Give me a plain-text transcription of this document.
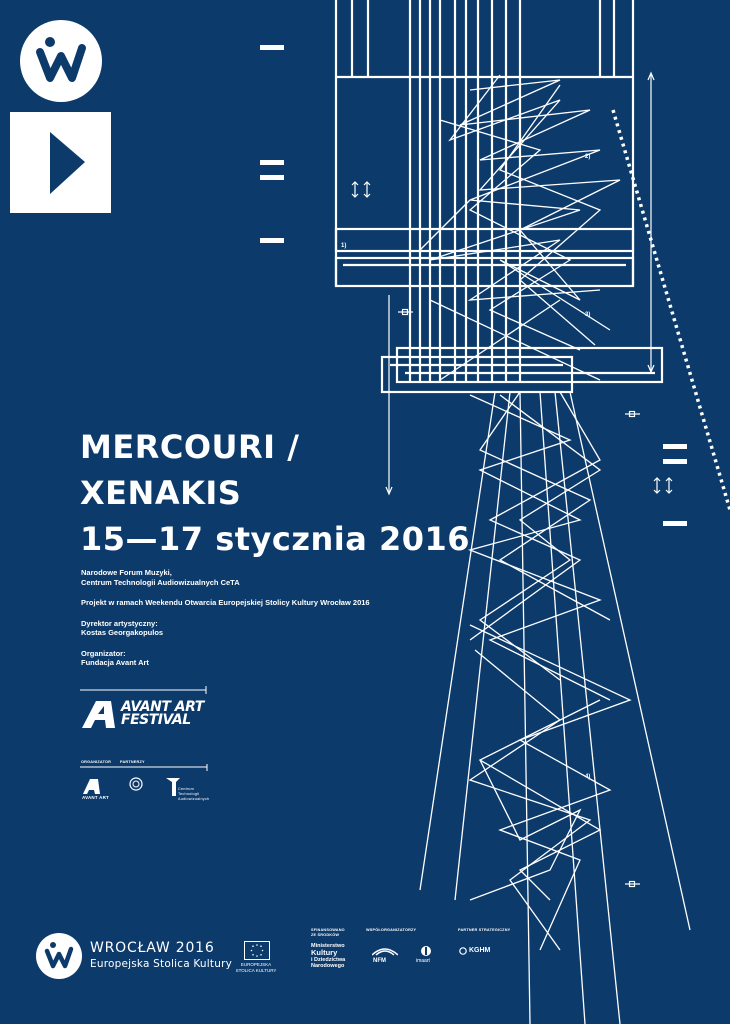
1)
2)
3)
4)
MERCOURI /
XENAKIS
15—17 stycznia 2016

Narodowe Forum Muzyki,
Centrum Technologii Audiowizualnych CeTA

Projekt w ramach Weekendu Otwarcia Europejskiej Stolicy Kultury Wrocław 2016

Dyrektor artystyczny:
Kostas Georgakopulos

Organizator:
Fundacja Avant Art

AVANT ART
FESTIVAL
ORGANIZATOR PARTNERZY
AVANT ART
Centrum Technologii Audiowizualnych
WROCŁAW 2016
Europejska Stolica Kultury	EUROPEJSKA STOLICA KULTURY
SFINANSOWANO ZE ŚRODKÓW
Ministerstwo
Kultury
i Dziedzictwa
Narodowego
WSPÓŁORGANIZATORZY
NFM	imaart
PARTNER STRATEGICZNY
KGHM
